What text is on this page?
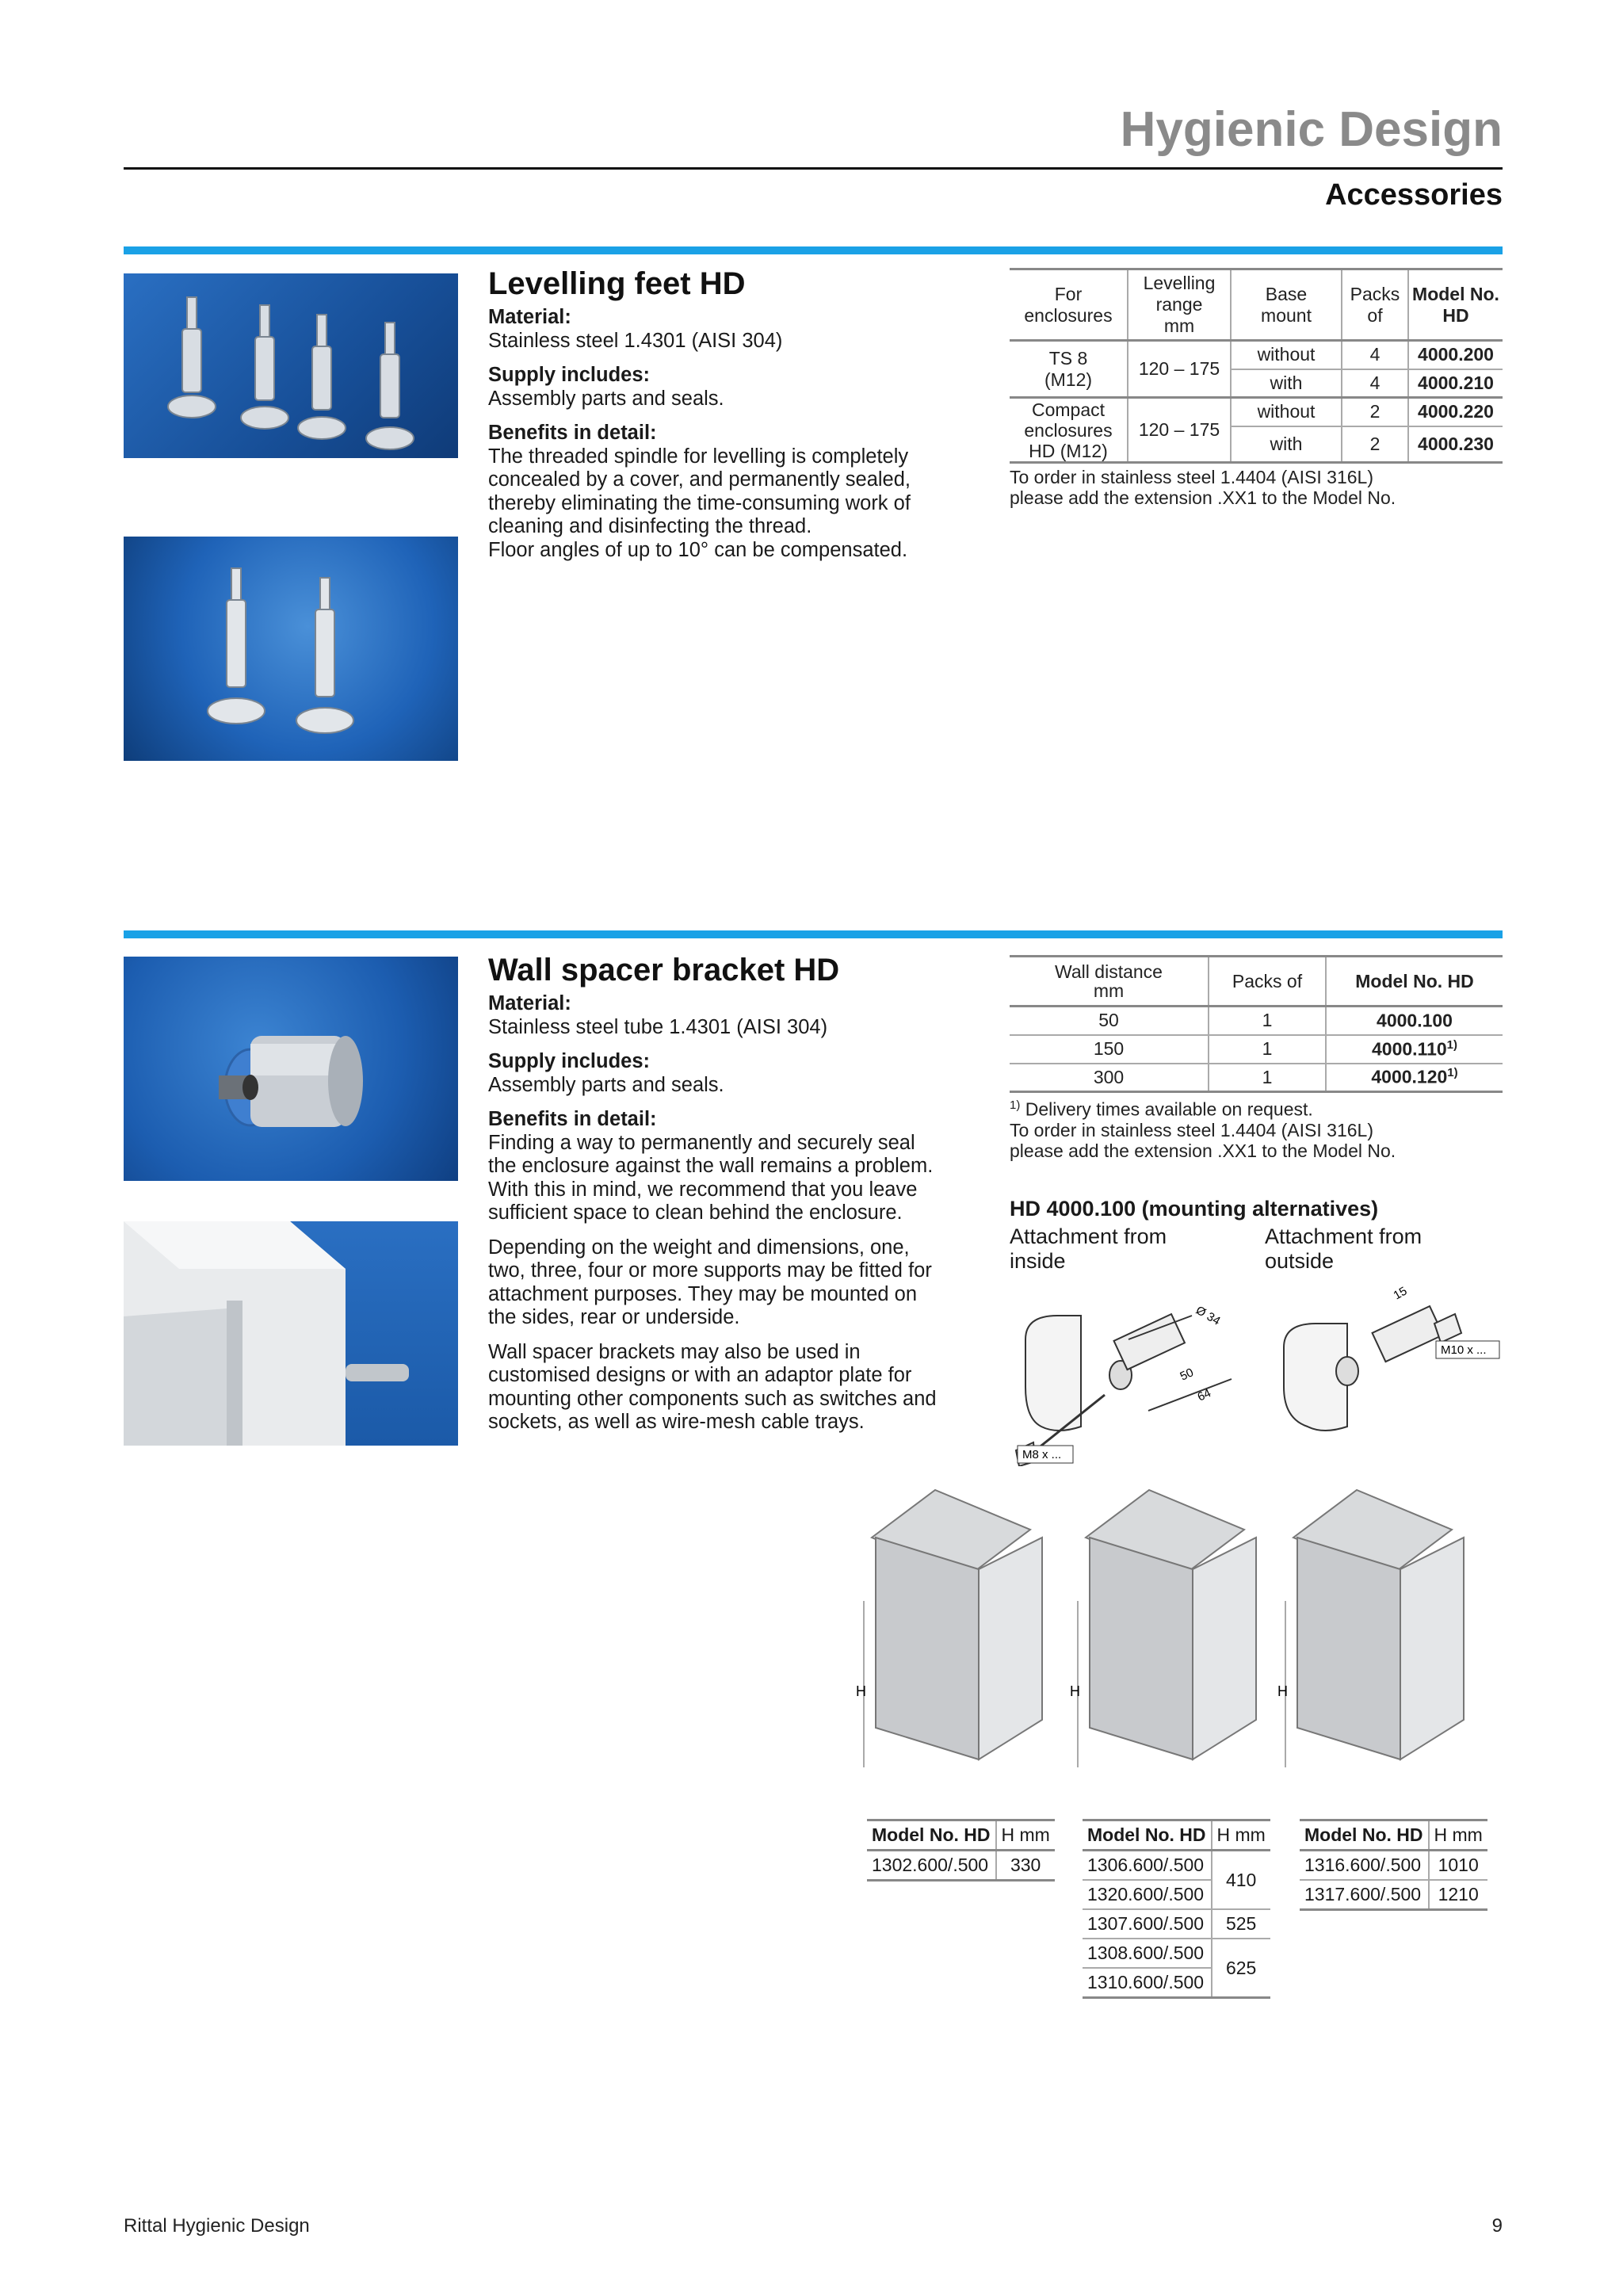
Hygienic Design
Accessories
Levelling feet HD

Material:

Stainless steel 1.4301 (AISI 304)

Supply includes:

Assembly parts and seals.

Benefits in detail:

The threaded spindle for levelling is completely

concealed by a cover, and permanently sealed,

thereby eliminating the time-consuming work of

cleaning and disinfecting the thread.

Floor angles of up to 10° can be compensated.

For
enclosures	Levelling
range
mm	Base
mount	Packs
of	Model No.
HD
TS 8
(M12)	120 – 175	without	4	4000.200
		with	4	4000.210
Compact
enclosures
HD (M12)	120 – 175	without	2	4000.220
		with	2	4000.230
To order in stainless steel 1.4404 (AISI 316L)
please add the extension .XX1 to the Model No.
Wall spacer bracket HD

Material:

Stainless steel tube 1.4301 (AISI 304)

Supply includes:

Assembly parts and seals.

Benefits in detail:

Finding a way to permanently and securely seal

the enclosure against the wall remains a problem.

With this in mind, we recommend that you leave

sufficient space to clean behind the enclosure.

Depending on the weight and dimensions, one,

two, three, four or more supports may be fitted for

attachment purposes. They may be mounted on

the sides, rear or underside.

Wall spacer brackets may also be used in

customised designs or with an adaptor plate for

mounting other components such as switches and

sockets, as well as wire-mesh cable trays.

Wall distance
mm	Packs of	Model No. HD
50	1	4000.100
150	1	4000.110$^{1)}$
300	1	4000.120$^{1)}$
$^{1)}$ Delivery times available on request.
To order in stainless steel 1.4404 (AISI 316L)
please add the extension .XX1 to the Model No.
HD 4000.100 (mounting alternatives)
Attachment from
inside
Attachment from
outside
M8 x ...
Ø 34
50
64
M10 x ...
15
H	H	H
Model No. HD	H mm
1302.600/.500	330
Model No. HD	H mm
1306.600/.500	410
1320.600/.500	
1307.600/.500	525
1308.600/.500	625
1310.600/.500	
Model No. HD	H mm
1316.600/.500	1010
1317.600/.500	1210
Rittal Hygienic Design	9
